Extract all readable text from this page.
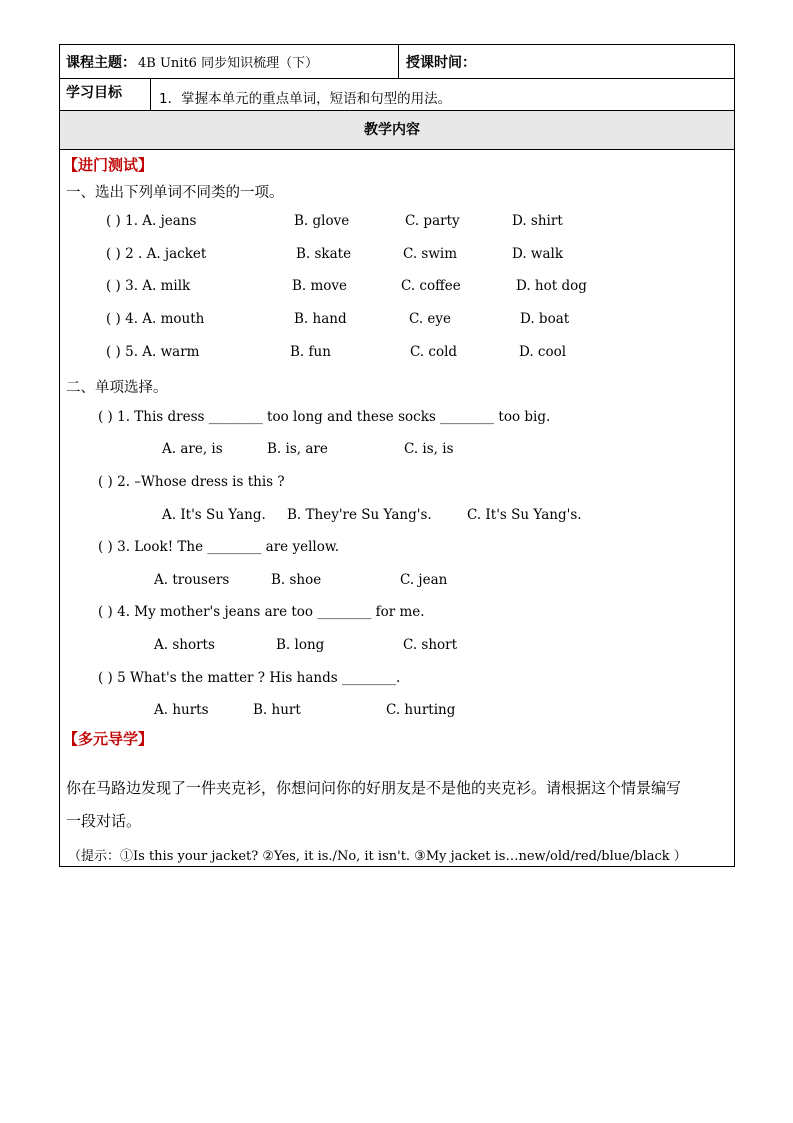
课程主题： 4B Unit6 同步知识梳理（下）	授课时间：
学习目标	1．掌握本单元的重点单词，短语和句型的用法。
教学内容
【进门测试】
一、选出下列单词不同类的一项。
( ) 1. A. jeans	B. glove	C. party	D. shirt
( ) 2 . A. jacket	B. skate	C. swim	D. walk
( ) 3. A. milk	B. move	C. coffee	D. hot dog
( ) 4. A. mouth	B. hand	C. eye	D. boat
( ) 5. A. warm	B. fun	C. cold	D. cool
二、单项选择。
( ) 1. This dress ________ too long and these socks ________ too big.
A. are, is	B. is, are	C. is, is
( ) 2. –Whose dress is this ?
A. It's Su Yang. B. They're Su Yang's.	C. It's Su Yang's.
( ) 3. Look! The ________ are yellow.
A. trousers	B. shoe	C. jean
( ) 4. My mother's jeans are too ________ for me.
A. shorts	B. long	C. short
( ) 5 What's the matter ? His hands ________.
A. hurts	B. hurt	C. hurting
【多元导学】
你在马路边发现了一件夹克衫，你想问问你的好朋友是不是他的夹克衫。请根据这个情景编写
一段对话。
（提示：①Is this your jacket? ②Yes, it is./No, it isn't. ③My jacket is…new/old/red/blue/black ）
